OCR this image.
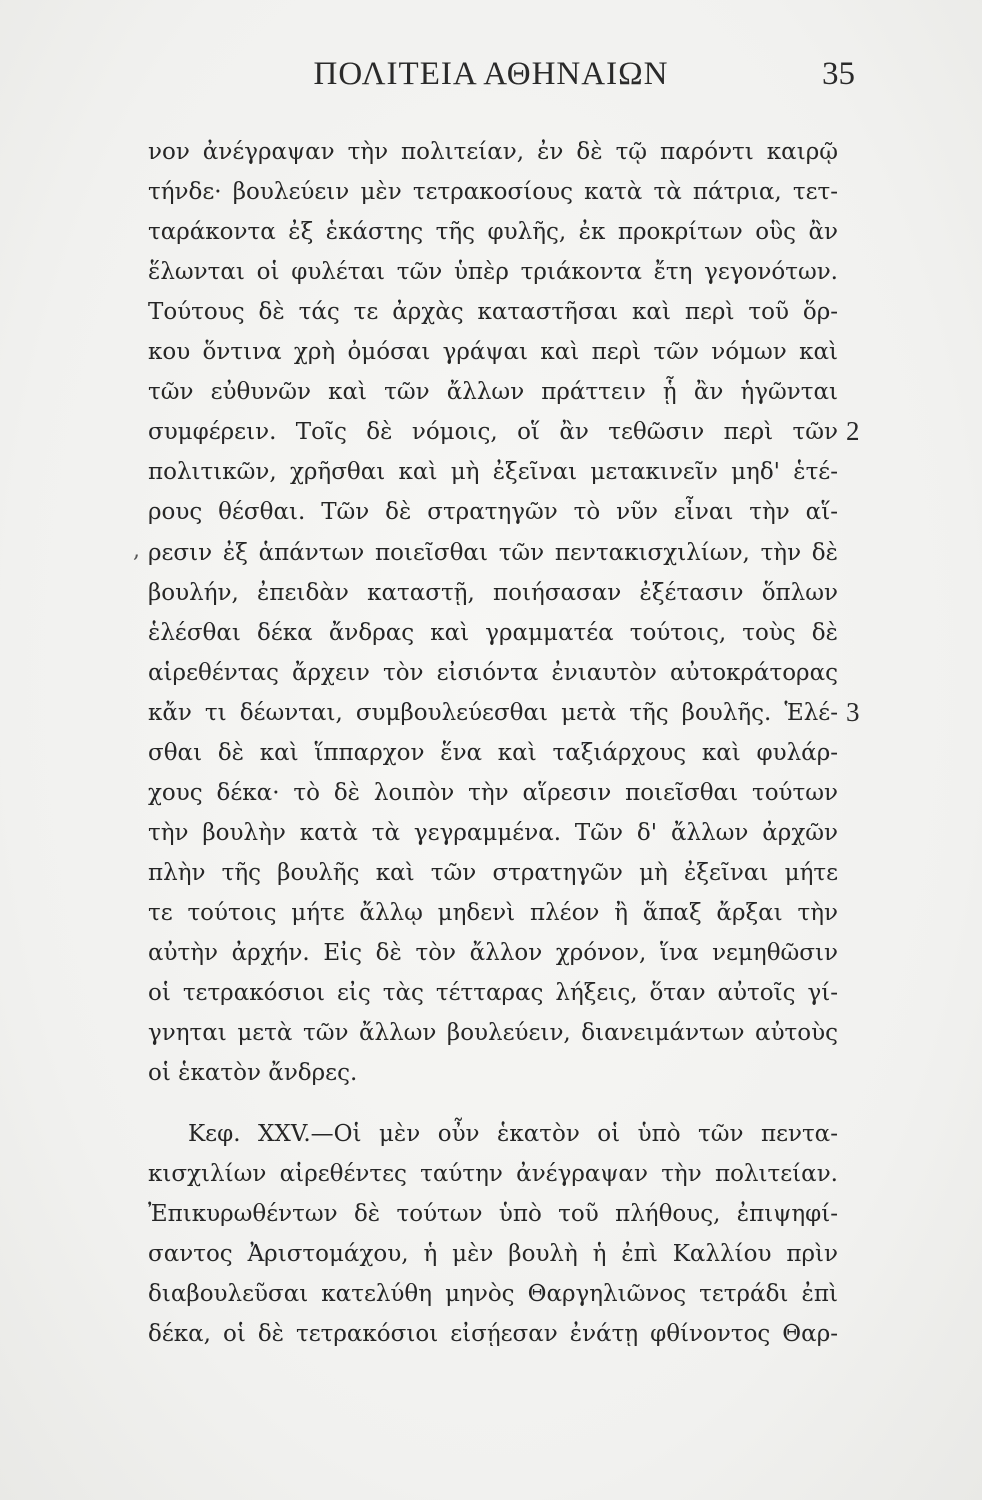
ΠΟΛΙΤΕΙΑ ΑΘΗΝΑΙΩΝ	35
νον ἀνέγραψαν τὴν πολιτείαν, ἐν δὲ τῷ παρόντι καιρῷ
τήνδε· βουλεύειν μὲν τετρακοσίους κατὰ τὰ πάτρια, τετ-
ταράκοντα ἐξ ἑκάστης τῆς φυλῆς, ἐκ προκρίτων οὓς ἂν
ἕλωνται οἱ φυλέται τῶν ὑπὲρ τριάκοντα ἔτη γεγονότων.
Τούτους δὲ τάς τε ἀρχὰς καταστῆσαι καὶ περὶ τοῦ ὅρ-
κου ὅντινα χρὴ ὀμόσαι γράψαι καὶ περὶ τῶν νόμων καὶ
τῶν εὐθυνῶν καὶ τῶν ἄλλων πράττειν ᾗ ἂν ἡγῶνται
συμφέρειν. Τοῖς δὲ νόμοις, οἵ ἂν τεθῶσιν περὶ τῶν
πολιτικῶν, χρῆσθαι καὶ μὴ ἐξεῖναι μετακινεῖν μηδ' ἑτέ-
ρους θέσθαι. Τῶν δὲ στρατηγῶν τὸ νῦν εἶναι τὴν αἵ-
ρεσιν ἐξ ἁπάντων ποιεῖσθαι τῶν πεντακισχιλίων, τὴν δὲ
βουλήν, ἐπειδὰν καταστῇ, ποιήσασαν ἐξέτασιν ὅπλων
ἑλέσθαι δέκα ἄνδρας καὶ γραμματέα τούτοις, τοὺς δὲ
αἱρεθέντας ἄρχειν τὸν εἰσιόντα ἐνιαυτὸν αὐτοκράτορας
κἄν τι δέωνται, συμβουλεύεσθαι μετὰ τῆς βουλῆς. Ἑλέ-
σθαι δὲ καὶ ἵππαρχον ἕνα καὶ ταξιάρχους καὶ φυλάρ-
χους δέκα· τὸ δὲ λοιπὸν τὴν αἵρεσιν ποιεῖσθαι τούτων
τὴν βουλὴν κατὰ τὰ γεγραμμένα. Τῶν δ' ἄλλων ἀρχῶν
πλὴν τῆς βουλῆς καὶ τῶν στρατηγῶν μὴ ἐξεῖναι μήτε
τε τούτοις μήτε ἄλλῳ μηδενὶ πλέον ἢ ἅπαξ ἄρξαι τὴν
αὐτὴν ἀρχήν. Εἰς δὲ τὸν ἄλλον χρόνον, ἵνα νεμηθῶσιν
οἱ τετρακόσιοι εἰς τὰς τέτταρας λήξεις, ὅταν αὐτοῖς γί-
γνηται μετὰ τῶν ἄλλων βουλεύειν, διανειμάντων αὐτοὺς
οἱ ἑκατὸν ἄνδρες.
Κεφ. XXV.—Οἱ μὲν οὖν ἑκατὸν οἱ ὑπὸ τῶν πεντα-
κισχιλίων αἱρεθέντες ταύτην ἀνέγραψαν τὴν πολιτείαν.
Ἐπικυρωθέντων δὲ τούτων ὑπὸ τοῦ πλήθους, ἐπιψηφί-
σαντος Ἀριστομάχου, ἡ μὲν βουλὴ ἡ ἐπὶ Καλλίου πρὶν
διαβουλεῦσαι κατελύθη μηνὸς Θαργηλιῶνος τετράδι ἐπὶ
δέκα, οἱ δὲ τετρακόσιοι εἰσῄεσαν ἐνάτῃ φθίνοντος Θαρ-
2
3
,
